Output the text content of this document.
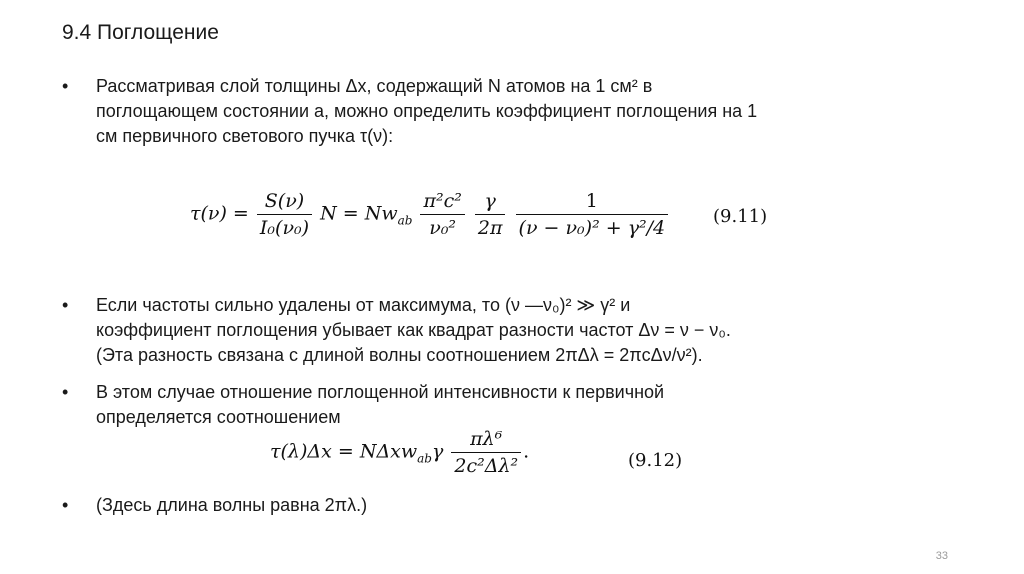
9.4 Поглощение
•	Рассматривая слой толщины Δx, содержащий N атомов на 1 см² в
поглощающем состоянии a, можно определить коэффициент поглощения на 1
см первичного светового пучка τ(ν):
$\tau(\nu) = \frac{S(\nu)}{\text{I₀(ν₀)}}$ $N = Nw_{ab} \frac{\text{π²c²}}{\text{ν₀²}}$
$\frac{\gamma}{2\pi}$
$\frac{1}{\text{(ν − ν₀)² + γ²/4}} (9.11)$
•	Если частоты сильно удалены от максимума, то (ν —ν₀)² ≫ γ² и
коэффициент поглощения убывает как квадрат разности частот Δν = ν − ν₀.
(Эта разность связана с длиной волны соотношением 2πΔλ = 2πcΔν/ν²).
•	В этом случае отношение поглощенной интенсивности к первичной
определяется соотношением
$\tau(\lambda)\Delta x = N\Delta xw_{ab}\gamma \frac{\text{πλ⁶}}{\text{2c²Δλ²}}$ .	(9.12)
•	(Здесь длина волны равна 2πλ.)
33
